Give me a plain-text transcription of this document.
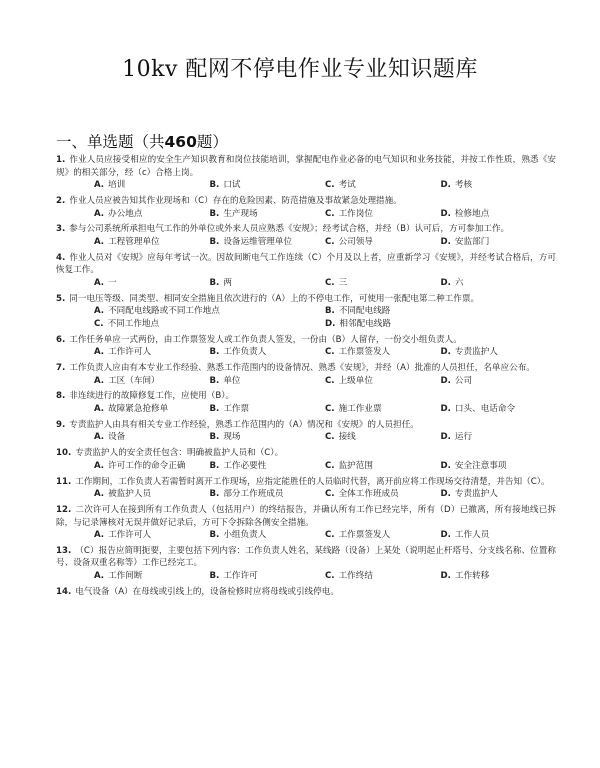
10kv 配网不停电作业专业知识题库
一、单选题（共460题）
1. 作业人员应接受相应的安全生产知识教育和岗位技能培训，掌握配电作业必备的电气知识和业务技能，并按工作性质，熟悉《安规》的相关部分，经（c）合格上岗。
A. 培训	B. 口试	C. 考试	D. 考核
2. 作业人员应被告知其作业现场和（C）存在的危险因素、防范措施及事故紧急处理措施。
A. 办公地点	B. 生产现场	C. 工作岗位	D. 检修地点
3. 参与公司系统所承担电气工作的外单位或外来人员应熟悉《安规》；经考试合格，并经（B）认可后，方可参加工作。
A. 工程管理单位	B. 设备运维管理单位	C. 公司领导	D. 安监部门
4. 作业人员对《安规》应每年考试一次。因故间断电气工作连续（C）个月及以上者，应重新学习《安规》，并经考试合格后，方可恢复工作。
A. 一	B. 两	C. 三	D. 六
5. 同一电压等级、同类型、相同安全措施且依次进行的（A）上的不停电工作，可使用一张配电第二种工作票。
A. 不同配电线路或不同工作地点	B. 不同配电线路
C. 不同工作地点	D. 相邻配电线路
6. 工作任务单应一式两份，由工作票签发人或工作负责人签发，一份由（B）人留存，一份交小组负责人。
A. 工作许可人	B. 工作负责人	C. 工作票签发人	D. 专责监护人
7. 工作负责人应由有本专业工作经验、熟悉工作范围内的设备情况、熟悉《安规》，并经（A）批准的人员担任，名单应公布。
A. 工区（车间）	B. 单位	C. 上级单位	D. 公司
8. 非连续进行的故障修复工作，应使用（B）。
A. 故障紧急抢修单	B. 工作票	C. 施工作业票	D. 口头、电话命令
9. 专责监护人由具有相关专业工作经验，熟悉工作范围内的（A）情况和《安规》的人员担任。
A. 设备	B. 现场	C. 接线	D. 运行
10. 专责监护人的安全责任包含：明确被监护人员和（C）。
A. 许可工作的命令正确	B. 工作必要性	C. 监护范围	D. 安全注意事项
11. 工作期间，工作负责人若需暂时离开工作现场，应指定能胜任的人员临时代替，离开前应将工作现场交待清楚，并告知（C）。
A. 被监护人员	B. 部分工作班成员	C. 全体工作班成员	D. 专责监护人
12. 二次许可人在接到所有工作负责人（包括用户）的终结报告，并确认所有工作已经完毕，所有（D）已撤离，所有接地线已拆除，与记录簿核对无误并做好记录后，方可下令拆除各侧安全措施。
A. 工作许可人	B. 小组负责人	C. 工作票签发人	D. 工作人员
13. （C）报告应简明扼要，主要包括下列内容：工作负责人姓名，某线路（设备）上某处（说明起止杆塔号、分支线名称、位置称号、设备双重名称等）工作已经完工。
A. 工作间断	B. 工作许可	C. 工作终结	D. 工作转移
14. 电气设备（A）在母线或引线上的，设备检修时应将母线或引线停电。
